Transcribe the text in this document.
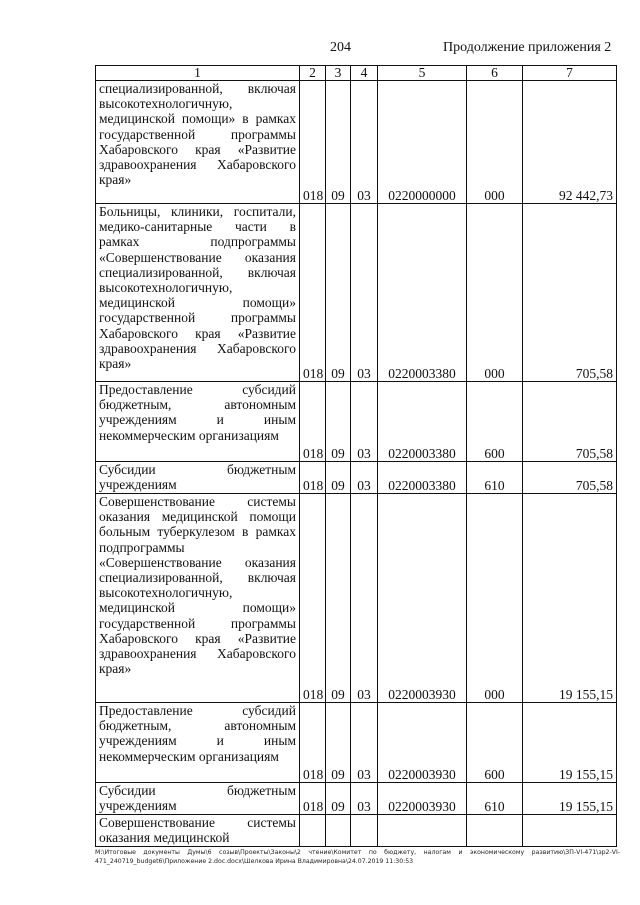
204	Продолжение приложения 2
1	2	3	4	5	6	7

специализированной, включая высокотехнологичную, медицинской помощи» в рамках государственной программы Хабаровского края «Развитие здравоохранения Хабаровского края»	018	09	03	0220000000	000	92 442,73

Больницы, клиники, госпитали, медико-санитарные части в рамках подпрограммы «Совершенствование оказания специализированной, включая высокотехнологичную, медицинской помощи» государственной программы Хабаровского края «Развитие здравоохранения Хабаровского края»	018	09	03	0220003380	000	705,58

Предоставление субсидий бюджетным, автономным учреждениям и иным некоммерческим организациям	018	09	03	0220003380	600	705,58

Субсидии бюджетным учреждениям	018	09	03	0220003380	610	705,58

Совершенствование системы оказания медицинской помощи больным туберкулезом в рамках подпрограммы «Совершенствование оказания специализированной, включая высокотехнологичную, медицинской помощи» государственной программы Хабаровского края «Развитие здравоохранения Хабаровского края»	018	09	03	0220003930	000	19 155,15

Предоставление субсидий бюджетным, автономным учреждениям и иным некоммерческим организациям	018	09	03	0220003930	600	19 155,15

Субсидии бюджетным учреждениям	018	09	03	0220003930	610	19 155,15

Совершенствование системы оказания медицинской						

M:\Итоговые документы Думы\6 созыв\Проекты\Законы\2 чтение\Комитет по бюджету, налогам и экономическому развитию\ЗП-VI-471\зр2-VI-471_240719_budget6\Приложение 2.doc.docx\Шелкова Ирина Владимировна\24.07.2019 11:30:53
